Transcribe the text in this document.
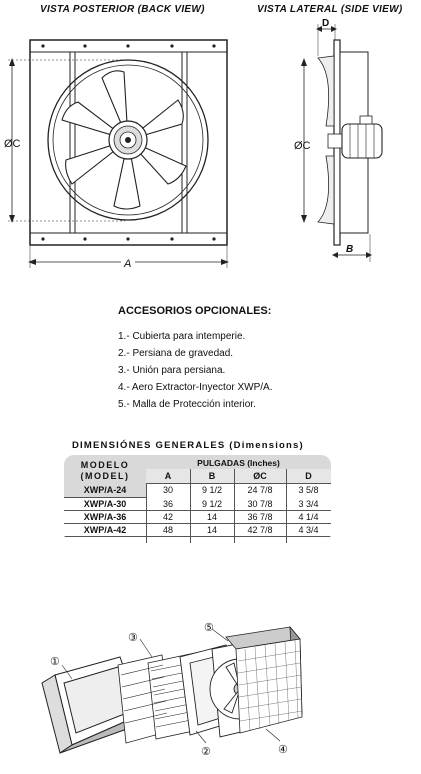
VISTA POSTERIOR (BACK VIEW)	VISTA LATERAL (SIDE VIEW)
ØC
A
D
ØC
B
ACCESORIOS OPCIONALES:
1.- Cubierta para intemperie.
2.- Persiana de gravedad.
3.- Unión para persiana.
4.- Aero Extractor-Inyector XWP/A.
5.- Malla de Protección interior.
DIMENSIÓNES GENERALES (Dimensions)
MODELO
(MODEL)
PULGADAS (Inches)
A	B	ØC	D
XWP/A-24	30	9 1/2	24 7/8	3 5/8
XWP/A-30	36	9 1/2	30 7/8	3 3/4
XWP/A-36	42	14	36 7/8	4 1/4
XWP/A-42	48	14	42 7/8	4 3/4
①
②
③
④
⑤
